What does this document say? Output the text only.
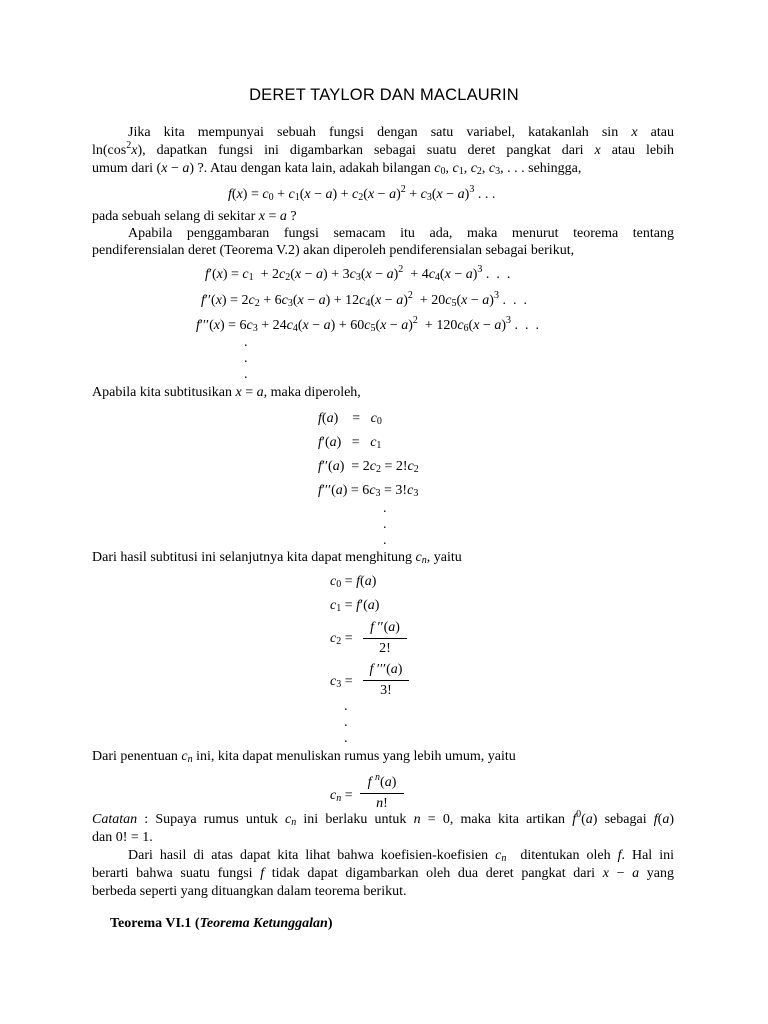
DERET TAYLOR DAN MACLAURIN
Jika kita mempunyai sebuah fungsi dengan satu variabel, katakanlah sin x atau
$\ln(\cos^2x)$, dapatkan fungsi ini digambarkan sebagai suatu deret pangkat dari x atau lebih
umum dari (x − a) ?. Atau dengan kata lain, adakah bilangan $c_0$, $c_1$, $c_2$, $c_3$, . . . sehingga,
$f(x) = c_0 + c_1(x - a) + c_2(x - a)^2 + c_3(x - a)^3$ . . .
pada sebuah selang di sekitar x = a ?
Apabila penggambaran fungsi semacam itu ada, maka menurut teorema tentang
pendiferensialan deret (Teorema V.2) akan diperoleh pendiferensialan sebagai berikut,
$f'(x) = c_1 + 2c_2(x - a) + 3c_3(x - a)^2 + 4c_4(x - a)^3$ .  .  .
$f''(x) = 2c_2 + 6c_3(x - a) + 12c_4(x - a)^2 + 20c_5(x - a)^3$ .  .  .
$f'''(x) = 6c_3 + 24c_4(x - a) + 60c_5(x - a)^2 + 120c_6(x - a)^3$ .  .  .
.
.
.
Apabila kita subtitusikan x = a, maka diperoleh,
f(a)    =   $c_0$
$f'(a) = c_1$
$f''(a) = 2c_2 = 2!c_2$
$f'''(a) = 6c_3 = 3!c_3$
.
.
.
Dari hasil subtitusi ini selanjutnya kita dapat menghitung $c_n$, yaitu
$c_0 = f(a)$
$c_1 = f'(a)$
$c_2$ =
f ′′(a)
2!
$c_3$ =
f ′′′(a)
3!
.
.
.
Dari penentuan $c_n$ ini, kita dapat menuliskan rumus yang lebih umum, yaitu
$c_n$ =
f $^n$(a)
n!
Catatan : Supaya rumus untuk $c_n$ ini berlaku untuk n = 0, maka kita artikan $f^0(a)$ sebagai f(a)
dan 0! = 1.
Dari hasil di atas dapat kita lihat bahwa koefisien-koefisien $c_n$  ditentukan oleh f. Hal ini
berarti bahwa suatu fungsi f tidak dapat digambarkan oleh dua deret pangkat dari x − a yang
berbeda seperti yang dituangkan dalam teorema berikut.
Teorema VI.1 (Teorema Ketunggalan)
